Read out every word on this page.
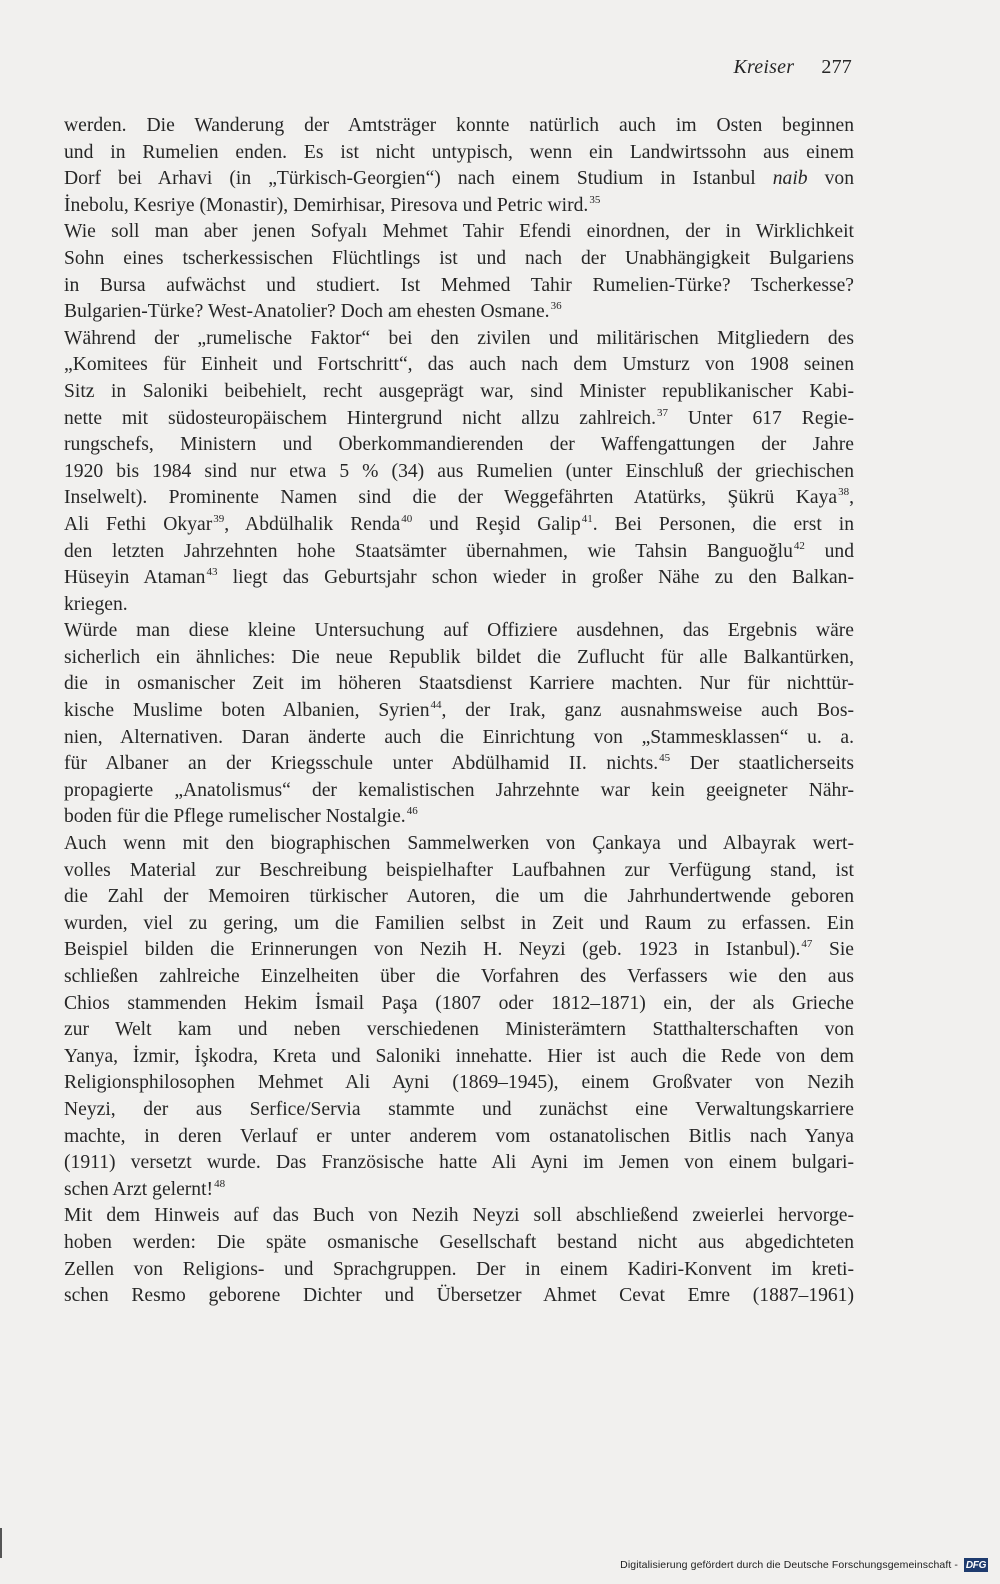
Kreiser 277
werden. Die Wanderung der Amtsträger konnte natürlich auch im Osten beginnen
und in Rumelien enden. Es ist nicht untypisch, wenn ein Landwirtssohn aus einem
Dorf bei Arhavi (in „Türkisch-Georgien“) nach einem Studium in Istanbul naib von
İnebolu, Kesriye (Monastir), Demirhisar, Piresova und Petric wird.$^{35}$
Wie soll man aber jenen Sofyalı Mehmet Tahir Efendi einordnen, der in Wirklichkeit
Sohn eines tscherkessischen Flüchtlings ist und nach der Unabhängigkeit Bulgariens
in Bursa aufwächst und studiert. Ist Mehmed Tahir Rumelien-Türke? Tscherkesse?
Bulgarien-Türke? West-Anatolier? Doch am ehesten Osmane.$^{36}$
Während der „rumelische Faktor“ bei den zivilen und militärischen Mitgliedern des
„Komitees für Einheit und Fortschritt“, das auch nach dem Umsturz von 1908 seinen
Sitz in Saloniki beibehielt, recht ausgeprägt war, sind Minister republikanischer Kabi-
nette mit südosteuropäischem Hintergrund nicht allzu zahlreich.$^{37}$ Unter 617 Regie-
rungschefs, Ministern und Oberkommandierenden der Waffengattungen der Jahre
1920 bis 1984 sind nur etwa 5 % (34) aus Rumelien (unter Einschluß der griechischen
Inselwelt). Prominente Namen sind die der Weggefährten Atatürks, Şükrü Kaya$^{38}$,
Ali Fethi Okyar$^{39}$, Abdülhalik Renda$^{40}$ und Reşid Galip$^{41}$. Bei Personen, die erst in
den letzten Jahrzehnten hohe Staatsämter übernahmen, wie Tahsin Banguoğlu$^{42}$ und
Hüseyin Ataman$^{43}$ liegt das Geburtsjahr schon wieder in großer Nähe zu den Balkan-
kriegen.
Würde man diese kleine Untersuchung auf Offiziere ausdehnen, das Ergebnis wäre
sicherlich ein ähnliches: Die neue Republik bildet die Zuflucht für alle Balkantürken,
die in osmanischer Zeit im höheren Staatsdienst Karriere machten. Nur für nichttür-
kische Muslime boten Albanien, Syrien$^{44}$, der Irak, ganz ausnahmsweise auch Bos-
nien, Alternativen. Daran änderte auch die Einrichtung von „Stammesklassen“ u. a.
für Albaner an der Kriegsschule unter Abdülhamid II. nichts.$^{45}$ Der staatlicherseits
propagierte „Anatolismus“ der kemalistischen Jahrzehnte war kein geeigneter Nähr-
boden für die Pflege rumelischer Nostalgie.$^{46}$
Auch wenn mit den biographischen Sammelwerken von Çankaya und Albayrak wert-
volles Material zur Beschreibung beispielhafter Laufbahnen zur Verfügung stand, ist
die Zahl der Memoiren türkischer Autoren, die um die Jahrhundertwende geboren
wurden, viel zu gering, um die Familien selbst in Zeit und Raum zu erfassen. Ein
Beispiel bilden die Erinnerungen von Nezih H. Neyzi (geb. 1923 in Istanbul).$^{47}$ Sie
schließen zahlreiche Einzelheiten über die Vorfahren des Verfassers wie den aus
Chios stammenden Hekim İsmail Paşa (1807 oder 1812–1871) ein, der als Grieche
zur Welt kam und neben verschiedenen Ministerämtern Statthalterschaften von
Yanya, İzmir, İşkodra, Kreta und Saloniki innehatte. Hier ist auch die Rede von dem
Religionsphilosophen Mehmet Ali Ayni (1869–1945), einem Großvater von Nezih
Neyzi, der aus Serfice/Servia stammte und zunächst eine Verwaltungskarriere
machte, in deren Verlauf er unter anderem vom ostanatolischen Bitlis nach Yanya
(1911) versetzt wurde. Das Französische hatte Ali Ayni im Jemen von einem bulgari-
schen Arzt gelernt!$^{48}$
Mit dem Hinweis auf das Buch von Nezih Neyzi soll abschließend zweierlei hervorge-
hoben werden: Die späte osmanische Gesellschaft bestand nicht aus abgedichteten
Zellen von Religions- und Sprachgruppen. Der in einem Kadiri-Konvent im kreti-
schen Resmo geborene Dichter und Übersetzer Ahmet Cevat Emre (1887–1961)
Digitalisierung gefördert durch die Deutsche Forschungsgemeinschaft - DFG
